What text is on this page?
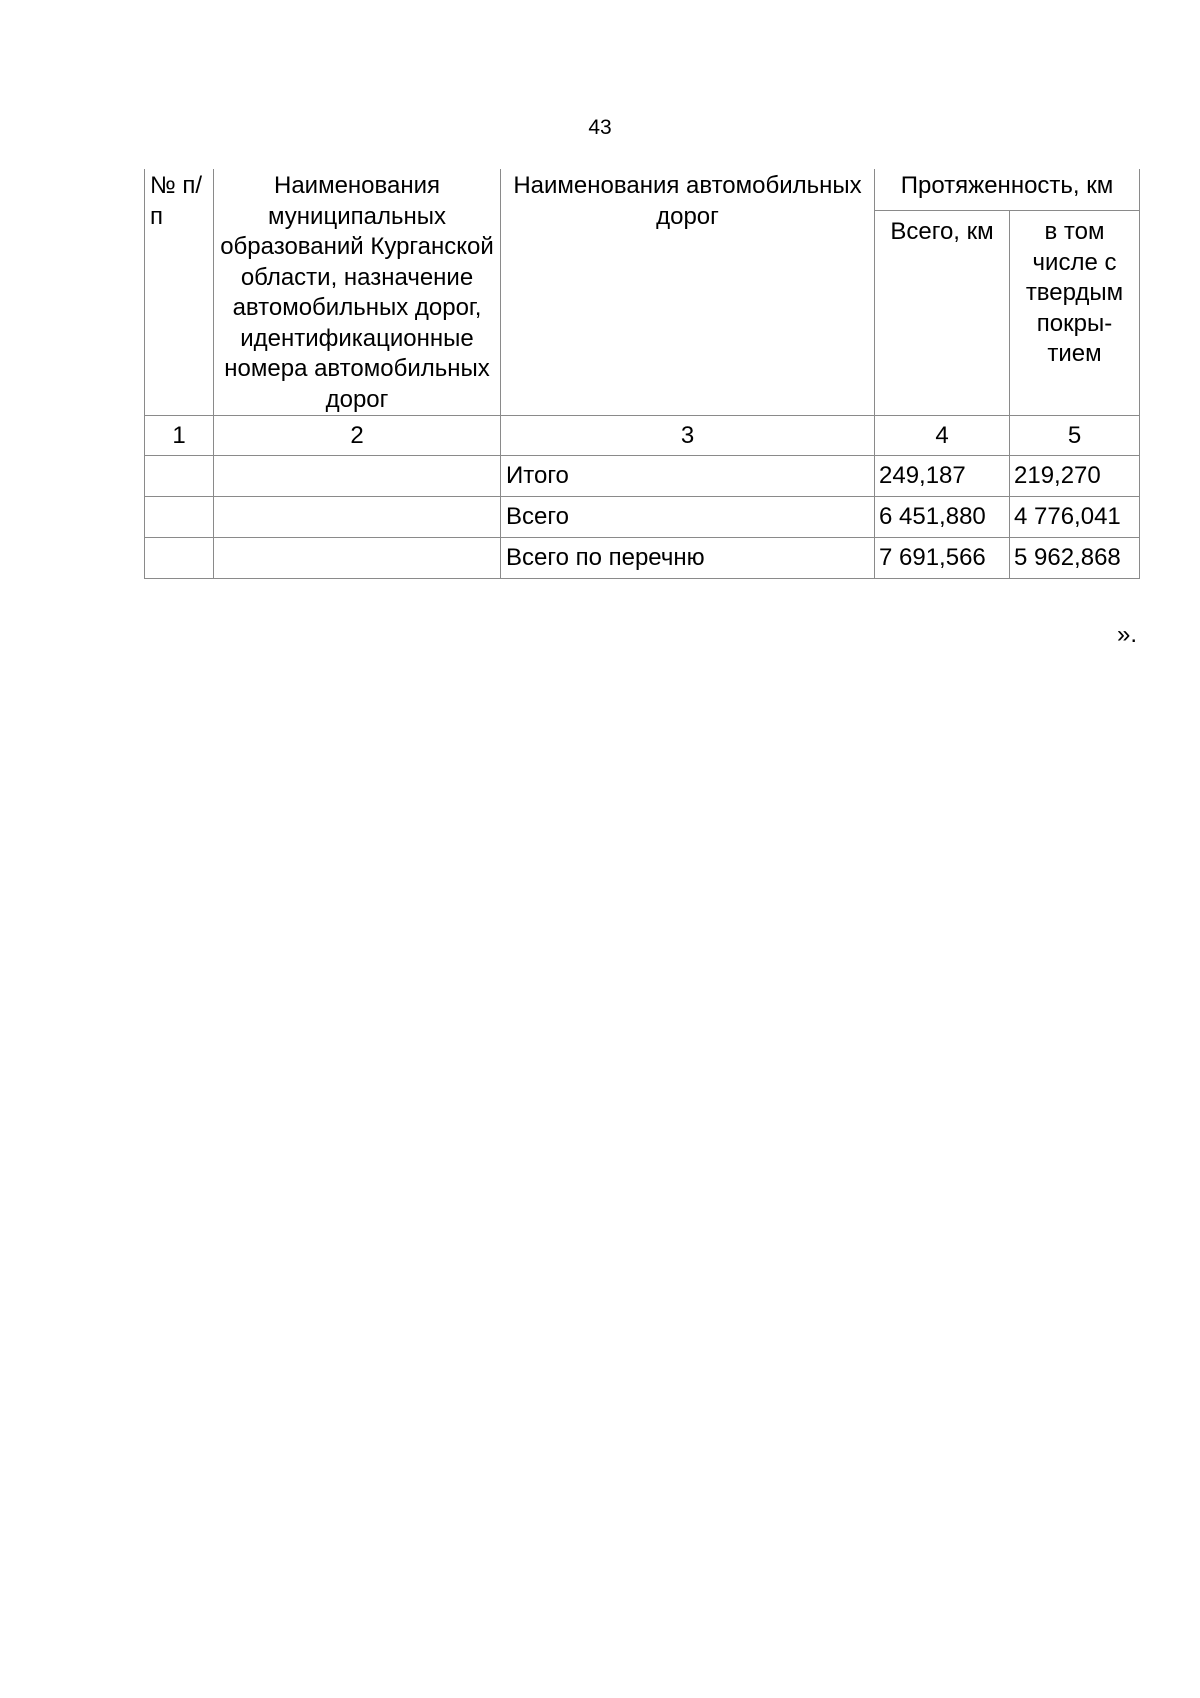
43
№ п/п	Наименования муниципальных образований Курганской области, назначение автомобильных дорог, идентификационные номера автомобильных дорог	Наименования автомобильных дорог	Протяженность, км	
			Всего, км	в том числе с твердым покры-тием
1	2	3	4	5
		Итого	249,187	219,270
		Всего	6 451,880	4 776,041
		Всего по перечню	7 691,566	5 962,868
».
